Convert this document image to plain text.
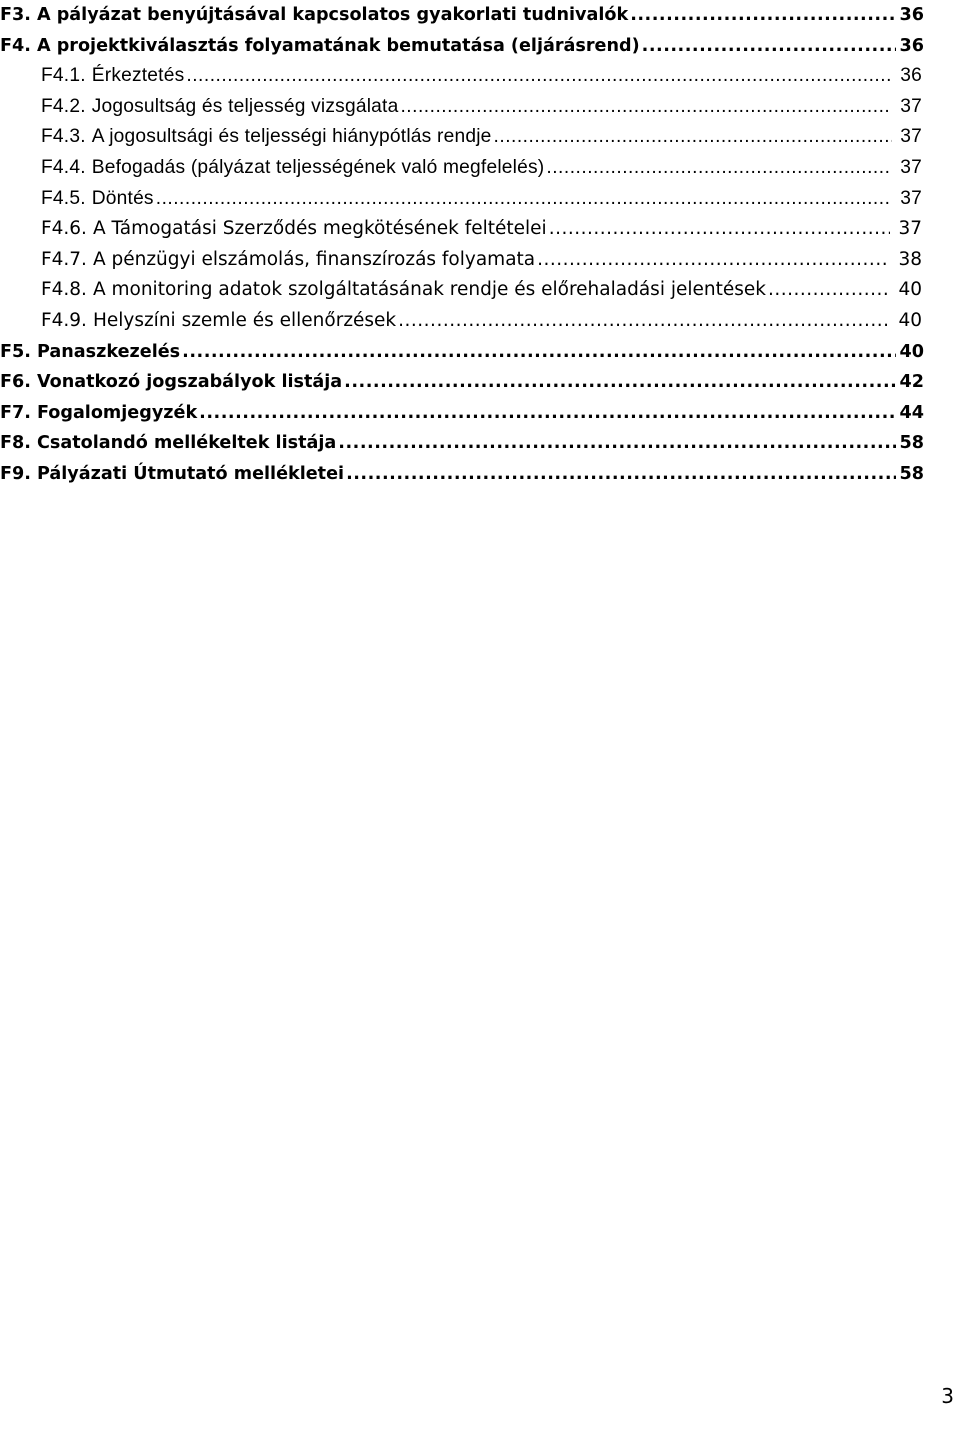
F3. A pályázat benyújtásával kapcsolatos gyakorlati tudnivalók .....	36
F4. A projektkiválasztás folyamatának bemutatása (eljárásrend) .....	36
F4.1. Érkeztetés .....	36
F4.2. Jogosultság és teljesség vizsgálata .....	37
F4.3. A jogosultsági és teljességi hiánypótlás rendje .....	37
F4.4. Befogadás (pályázat teljességének való megfelelés) .....	37
F4.5. Döntés .....	37
F4.6. A Támogatási Szerződés megkötésének feltételei .....	37
F4.7. A pénzügyi elszámolás, finanszírozás folyamata .....	38
F4.8. A monitoring adatok szolgáltatásának rendje és előrehaladási jelentések .....	40
F4.9. Helyszíni szemle és ellenőrzések .....	40
F5. Panaszkezelés .....	40
F6. Vonatkozó jogszabályok listája .....	42
F7. Fogalomjegyzék .....	44
F8. Csatolandó mellékeltek listája .....	58
F9. Pályázati Útmutató mellékletei .....	58
3
